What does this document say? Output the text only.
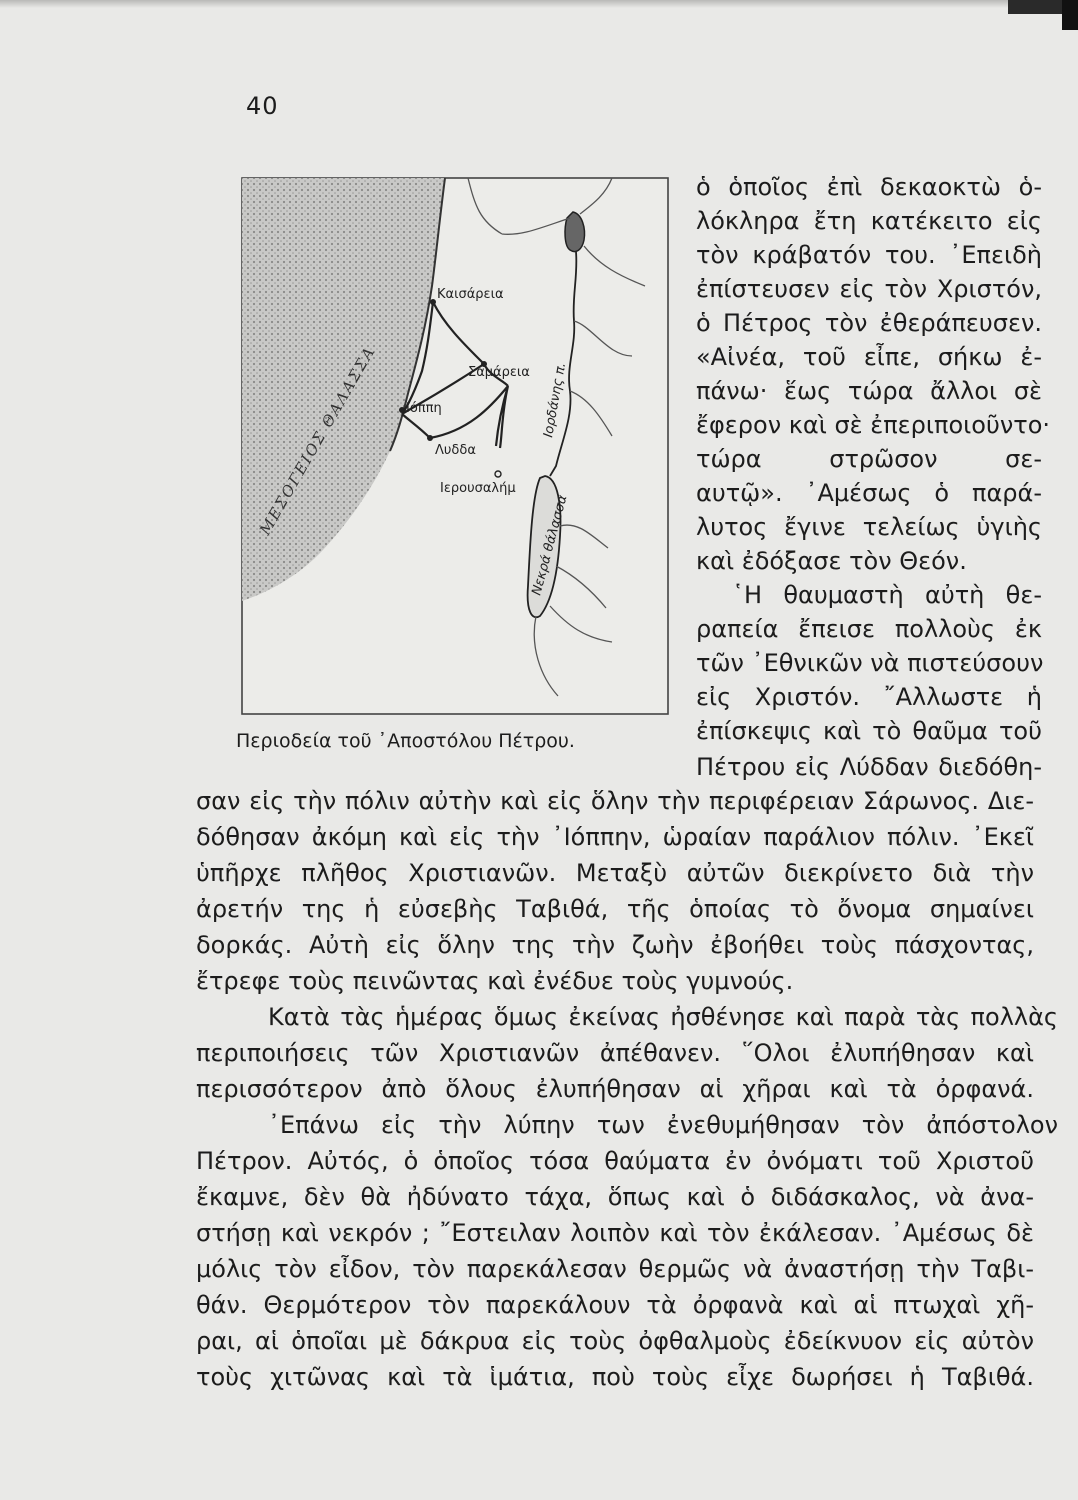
40
ΜΕΣΟΓΕΙΟΣ ΘΑΛΑΣΣΑ
Καισάρεια
Σαμάρεια
Ιόππη
Λυδδα
Ιερουσαλήμ
Ιορδάνης π.
Νεκρά θάλασσα
Περιοδεία τοῦ ᾽Αποστόλου Πέτρου.
ὁ ὁποῖος ἐπὶ δεκαοκτὼ ὁ-
λόκληρα ἔτη κατέκειτο εἰς
τὸν κράβατόν του. ᾽Επειδὴ
ἐπίστευσεν εἰς τὸν Χριστόν,
ὁ Πέτρος τὸν ἐθεράπευσεν.
«Αἰνέα, τοῦ εἶπε, σήκω ἐ-
πάνω· ἕως τώρα ἄλλοι σὲ
ἔφερον καὶ σὲ ἐπεριποιοῦντο·
τώρα στρῶσον σε-
αυτῷ». ᾽Αμέσως ὁ παρά-
λυτος ἔγινε τελείως ὑγιὴς
καὶ ἐδόξασε τὸν Θεόν.
῾Η θαυμαστὴ αὐτὴ θε-
ραπεία ἔπεισε πολλοὺς ἐκ
τῶν ᾽Εθνικῶν νὰ πιστεύσουν
εἰς Χριστόν. ῎Αλλωστε ἡ
ἐπίσκεψις καὶ τὸ θαῦμα τοῦ
Πέτρου εἰς Λύδδαν διεδόθη-
σαν εἰς τὴν πόλιν αὐτὴν καὶ εἰς ὅλην τὴν περιφέρειαν Σάρωνος. Διε-
δόθησαν ἀκόμη καὶ εἰς τὴν ᾽Ιόππην, ὡραίαν παράλιον πόλιν. ᾽Εκεῖ
ὑπῆρχε πλῆθος Χριστιανῶν. Μεταξὺ αὐτῶν διεκρίνετο διὰ τὴν
ἀρετήν της ἡ εὐσεβὴς Ταβιθά, τῆς ὁποίας τὸ ὄνομα σημαίνει
δορκάς. Αὐτὴ εἰς ὅλην της τὴν ζωὴν ἐβοήθει τοὺς πάσχοντας,
ἔτρεφε τοὺς πεινῶντας καὶ ἐνέδυε τοὺς γυμνούς.
Κατὰ τὰς ἡμέρας ὅμως ἐκείνας ἠσθένησε καὶ παρὰ τὰς πολλὰς
περιποιήσεις τῶν Χριστιανῶν ἀπέθανεν. ῞Ολοι ἐλυπήθησαν καὶ
περισσότερον ἀπὸ ὅλους ἐλυπήθησαν αἱ χῆραι καὶ τὰ ὀρφανά.
᾽Επάνω εἰς τὴν λύπην των ἐνεθυμήθησαν τὸν ἀπόστολον
Πέτρον. Αὐτός, ὁ ὁποῖος τόσα θαύματα ἐν ὀνόματι τοῦ Χριστοῦ
ἔκαμνε, δὲν θὰ ἠδύνατο τάχα, ὅπως καὶ ὁ διδάσκαλος, νὰ ἀνα-
στήσῃ καὶ νεκρόν ; ῎Εστειλαν λοιπὸν καὶ τὸν ἐκάλεσαν. ᾽Αμέσως δὲ
μόλις τὸν εἶδον, τὸν παρεκάλεσαν θερμῶς νὰ ἀναστήσῃ τὴν Ταβι-
θάν. Θερμότερον τὸν παρεκάλουν τὰ ὀρφανὰ καὶ αἱ πτωχαὶ χῆ-
ραι, αἱ ὁποῖαι μὲ δάκρυα εἰς τοὺς ὀφθαλμοὺς ἐδείκνυον εἰς αὐτὸν
τοὺς χιτῶνας καὶ τὰ ἱμάτια, ποὺ τοὺς εἶχε δωρήσει ἡ Ταβιθά.
